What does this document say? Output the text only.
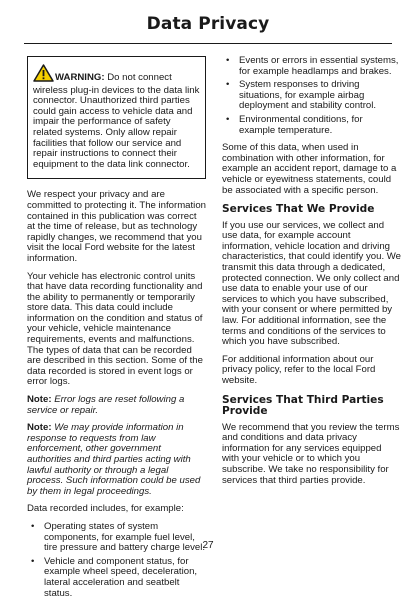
Data Privacy
WARNING: Do not connect wireless plug-in devices to the data link connector. Unauthorized third parties could gain access to vehicle data and impair the performance of safety related systems. Only allow repair facilities that follow our service and repair instructions to connect their equipment to the data link connector.

We respect your privacy and are committed to protecting it. The information contained in this publication was correct at the time of release, but as technology rapidly changes, we recommend that you visit the local Ford website for the latest information.

Your vehicle has electronic control units that have data recording functionality and the ability to permanently or temporarily store data. This data could include information on the condition and status of your vehicle, vehicle maintenance requirements, events and malfunctions. The types of data that can be recorded are described in this section. Some of the data recorded is stored in event logs or error logs.

Note: Error logs are reset following a service or repair.

Note: We may provide information in response to requests from law enforcement, other government authorities and third parties acting with lawful authority or through a legal process. Such information could be used by them in legal proceedings.

Data recorded includes, for example:

• Operating states of system components, for example fuel level, tire pressure and battery charge level.
• Vehicle and component status, for example wheel speed, deceleration, lateral acceleration and seatbelt status.
• Events or errors in essential systems, for example headlamps and brakes.
• System responses to driving situations, for example airbag deployment and stability control.
• Environmental conditions, for example temperature.

Some of this data, when used in combination with other information, for example an accident report, damage to a vehicle or eyewitness statements, could be associated with a specific person.

Services That We Provide

If you use our services, we collect and use data, for example account information, vehicle location and driving characteristics, that could identify you. We transmit this data through a dedicated, protected connection. We only collect and use data to enable your use of our services to which you have subscribed, with your consent or where permitted by law. For additional information, see the terms and conditions of the services to which you have subscribed.

For additional information about our privacy policy, refer to the local Ford website.

Services That Third Parties Provide

We recommend that you review the terms and conditions and data privacy information for any services equipped with your vehicle or to which you subscribe. We take no responsibility for services that third parties provide.

27
